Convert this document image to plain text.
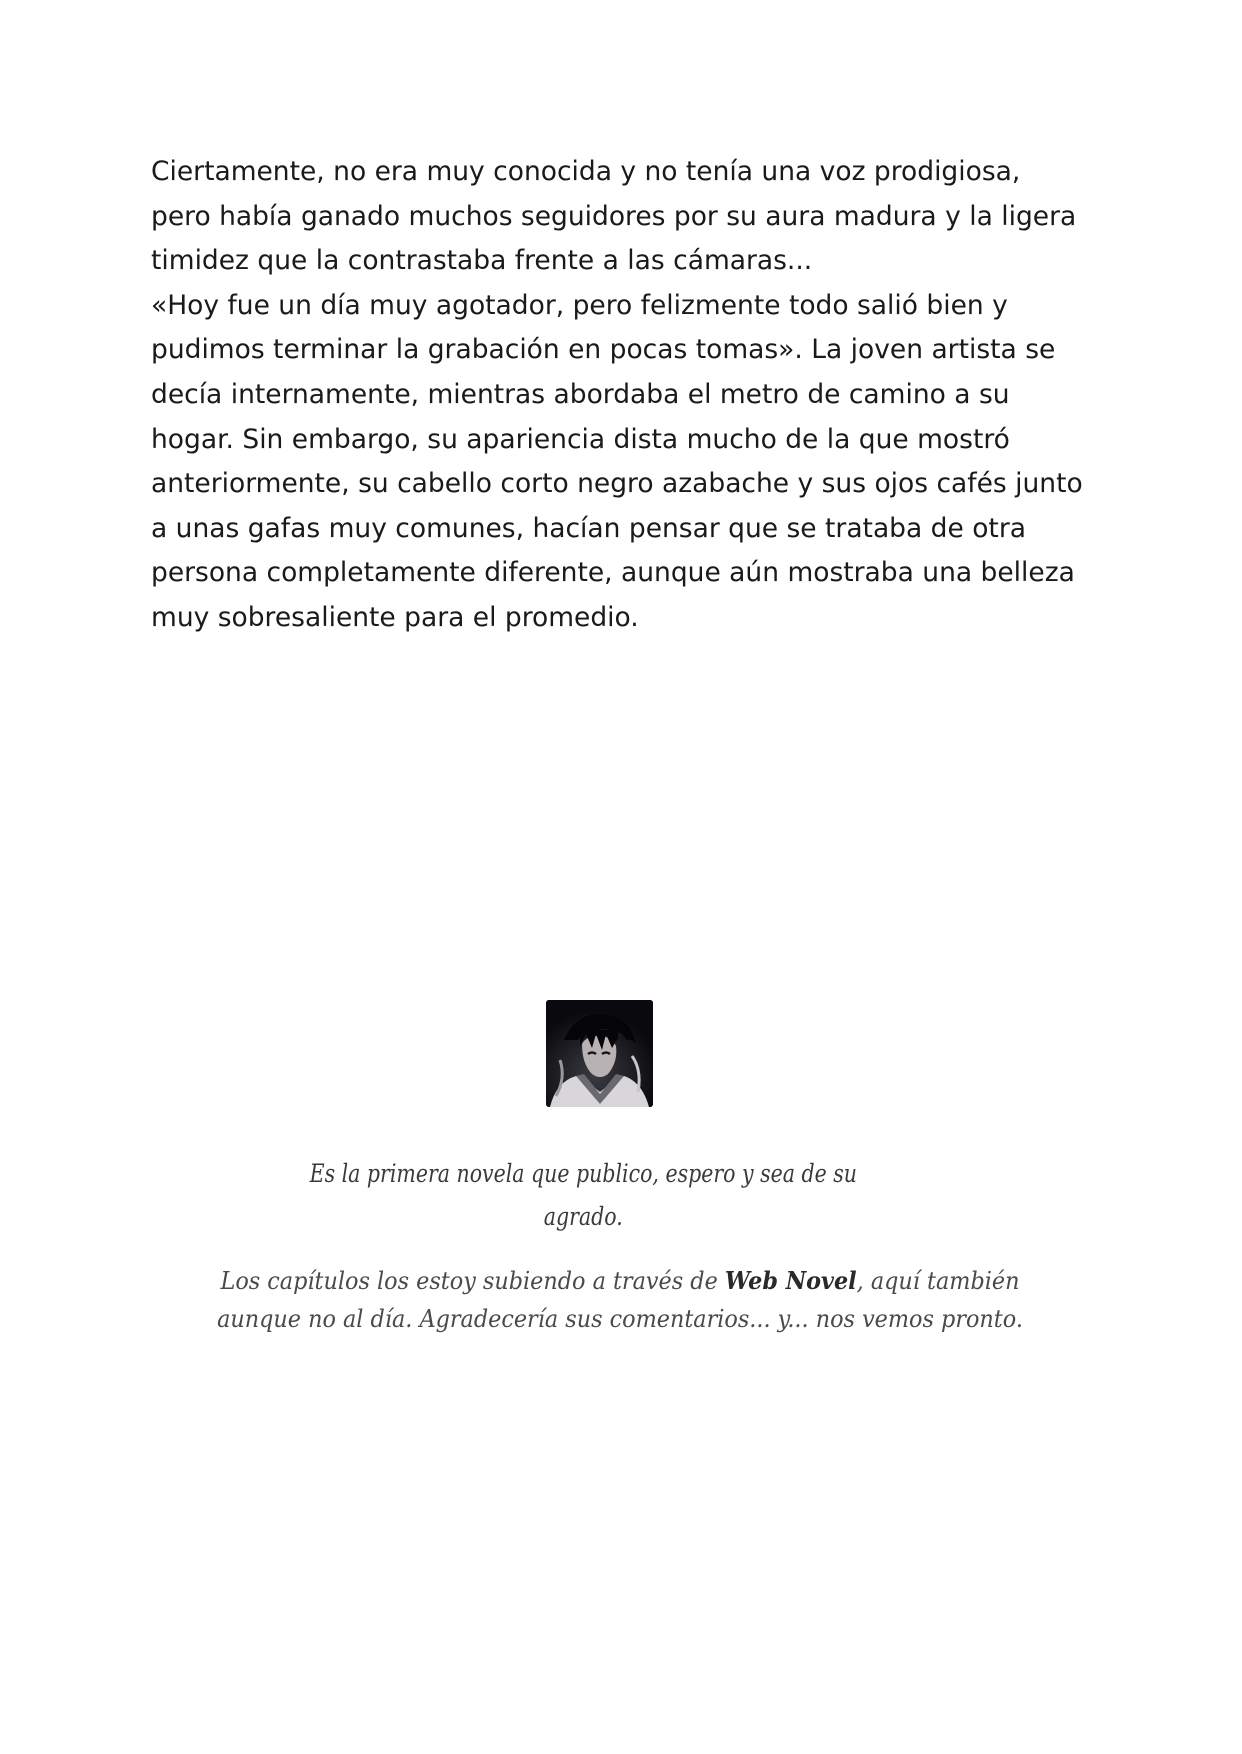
Ciertamente, no era muy conocida y no tenía una voz prodigiosa,
pero había ganado muchos seguidores por su aura madura y la ligera
timidez que la contrastaba frente a las cámaras...

«Hoy fue un día muy agotador, pero felizmente todo salió bien y
pudimos terminar la grabación en pocas tomas». La joven artista se
decía internamente, mientras abordaba el metro de camino a su
hogar. Sin embargo, su apariencia dista mucho de la que mostró
anteriormente, su cabello corto negro azabache y sus ojos cafés junto
a unas gafas muy comunes, hacían pensar que se trataba de otra
persona completamente diferente, aunque aún mostraba una belleza
muy sobresaliente para el promedio.

Es la primera novela que publico, espero y sea de su
agrado.
Los capítulos los estoy subiendo a través de Web Novel, aquí también
aunque no al día. Agradecería sus comentarios... y... nos vemos pronto.
